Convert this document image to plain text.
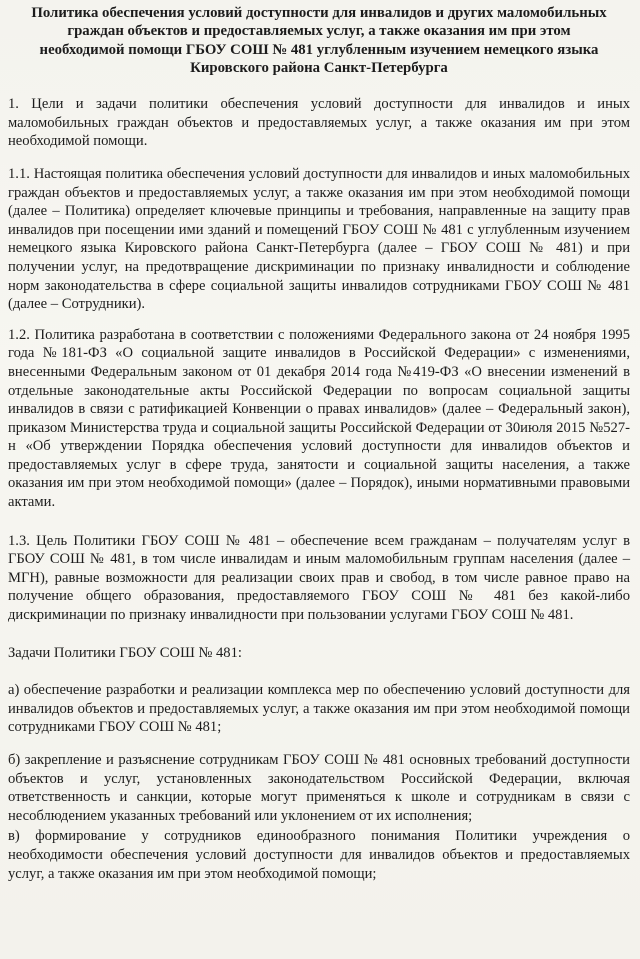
Политика обеспечения условий доступности для инвалидов и других маломобильных граждан объектов и предоставляемых услуг, а также оказания им при этом необходимой помощи ГБОУ СОШ № 481 углубленным изучением немецкого языка Кировского района Санкт-Петербурга

1. Цели и задачи политики обеспечения условий доступности для инвалидов и иных маломобильных граждан объектов и предоставляемых услуг, а также оказания им при этом необходимой помощи.

1.1. Настоящая политика обеспечения условий доступности для инвалидов и иных маломобильных граждан объектов и предоставляемых услуг, а также оказания им при этом необходимой помощи (далее – Политика) определяет ключевые принципы и требования, направленные на защиту прав инвалидов при посещении ими зданий и помещений ГБОУ СОШ № 481 с углубленным изучением немецкого языка Кировского района Санкт-Петербурга (далее – ГБОУ СОШ № 481) и при получении услуг, на предотвращение дискриминации по признаку инвалидности и соблюдение норм законодательства в сфере социальной защиты инвалидов сотрудниками ГБОУ СОШ № 481 (далее – Сотрудники).

1.2. Политика разработана в соответствии с положениями Федерального закона от 24 ноября 1995 года №181-ФЗ «О социальной защите инвалидов в Российской Федерации» с изменениями, внесенными Федеральным законом от 01 декабря 2014 года №419-ФЗ «О внесении изменений в отдельные законодательные акты Российской Федерации по вопросам социальной защиты инвалидов в связи с ратификацией Конвенции о правах инвалидов» (далее – Федеральный закон), приказом Министерства труда и социальной защиты Российской Федерации от 30июля 2015 №527-н «Об утверждении Порядка обеспечения условий доступности для инвалидов объектов и предоставляемых услуг в сфере труда, занятости и социальной защиты населения, а также оказания им при этом необходимой помощи» (далее – Порядок), иными нормативными правовыми актами.

1.3. Цель Политики ГБОУ СОШ № 481 – обеспечение всем гражданам – получателям услуг в ГБОУ СОШ № 481, в том числе инвалидам и иным маломобильным группам населения (далее – МГН), равные возможности для реализации своих прав и свобод, в том числе равное право на получение общего образования, предоставляемого ГБОУ СОШ № 481 без какой-либо дискриминации по признаку инвалидности при пользовании услугами ГБОУ СОШ № 481.

Задачи Политики ГБОУ СОШ № 481:

а) обеспечение разработки и реализации комплекса мер по обеспечению условий доступности для инвалидов объектов и предоставляемых услуг, а также оказания им при этом необходимой помощи сотрудниками ГБОУ СОШ № 481;

б) закрепление и разъяснение сотрудникам ГБОУ СОШ № 481 основных требований доступности объектов и услуг, установленных законодательством Российской Федерации, включая ответственность и санкции, которые могут применяться к школе и сотрудникам в связи с несоблюдением указанных требований или уклонением от их исполнения;

в) формирование у сотрудников единообразного понимания Политики учреждения о необходимости обеспечения условий доступности для инвалидов объектов и предоставляемых услуг, а также оказания им при этом необходимой помощи;
